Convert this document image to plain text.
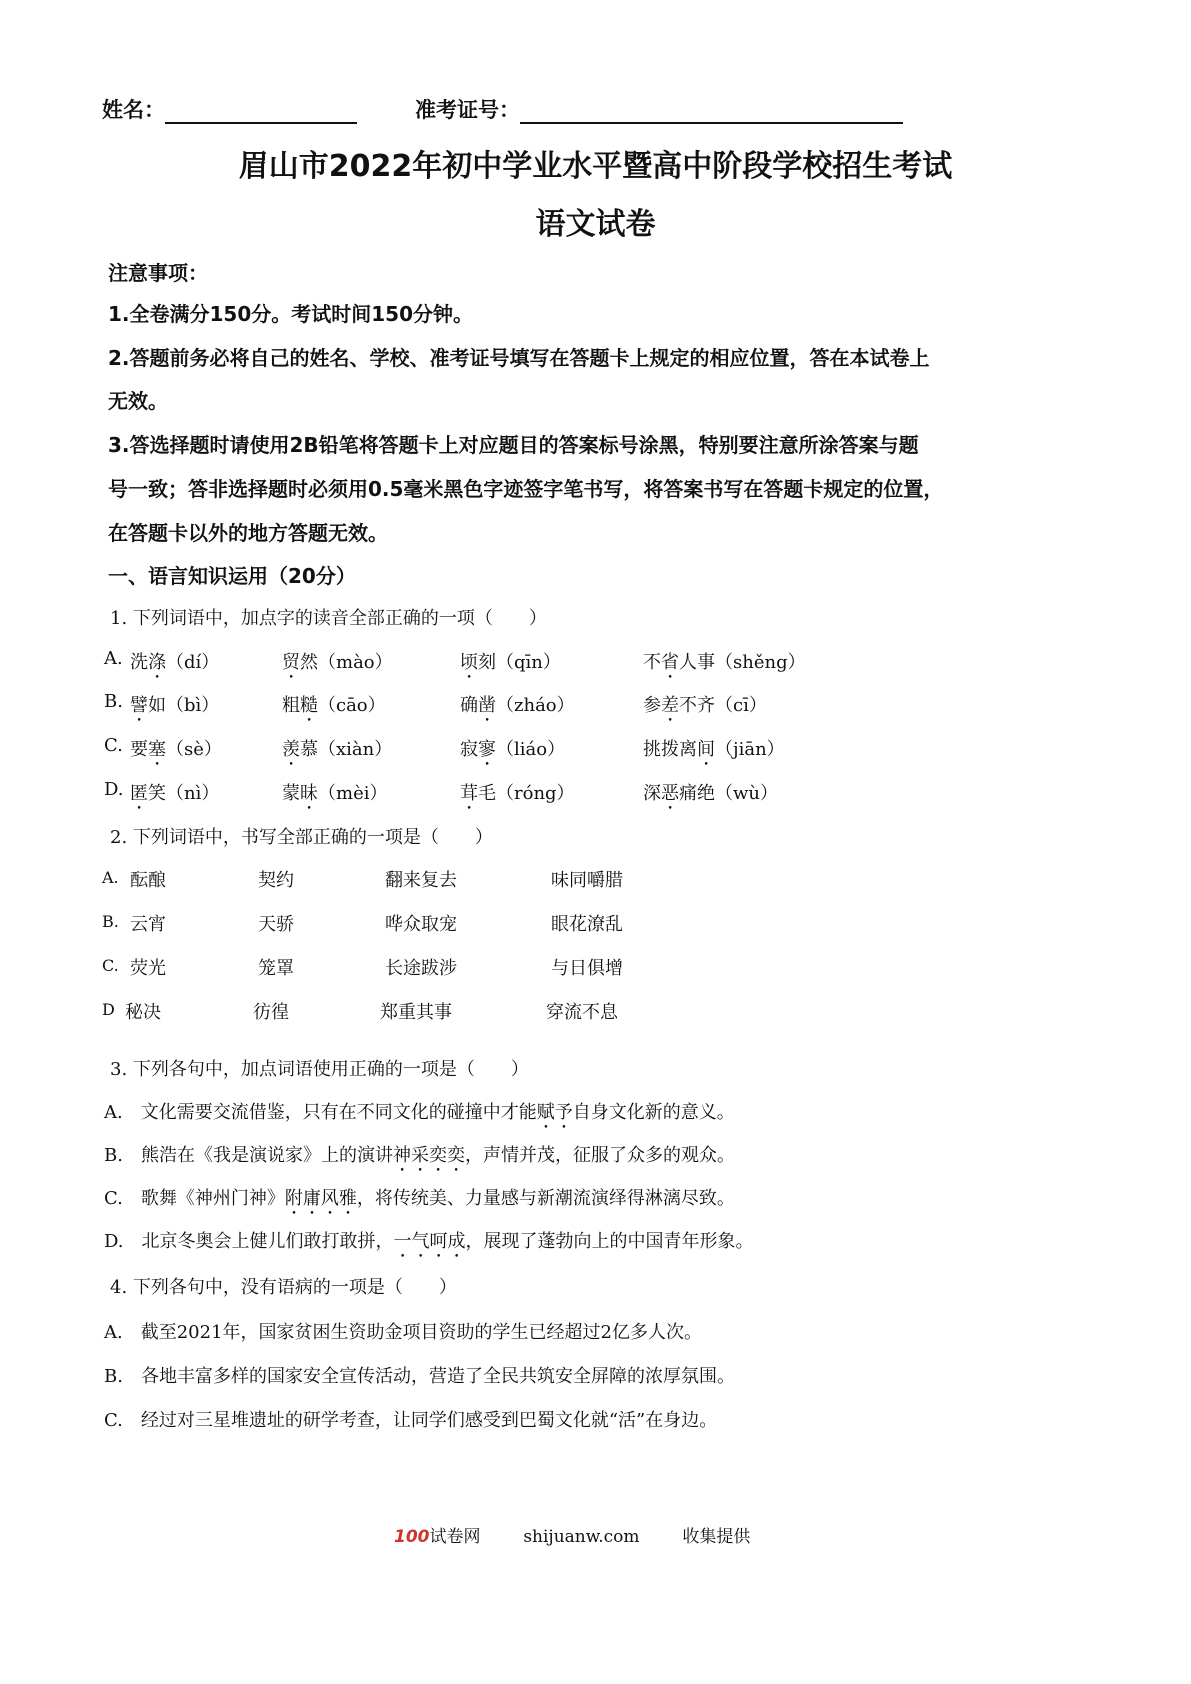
姓名：	准考证号：
眉山市2022年初中学业水平暨高中阶段学校招生考试
语文试卷
注意事项：
1.全卷满分150分。考试时间150分钟。
2.答题前务必将自己的姓名、学校、准考证号填写在答题卡上规定的相应位置，答在本试卷上
无效。
3.答选择题时请使用2B铅笔将答题卡上对应题目的答案标号涂黑，特别要注意所涂答案与题
号一致；答非选择题时必须用0.5毫米黑色字迹签字笔书写，将答案书写在答题卡规定的位置，
在答题卡以外的地方答题无效。
一、语言知识运用（20分）
1. 下列词语中，加点字的读音全部正确的一项（　　）
A. 洗涤（dí）	贸然（mào）	顷刻（qīn）	不省人事（shěng）
B. 譬如（bì）	粗糙（cāo）	确凿（zháo）	参差不齐（cī）
C. 要塞（sè）	羡慕（xiàn）	寂寥（liáo）	挑拨离间（jiān）
D. 匿笑（nì）	蒙昧（mèi）	茸毛（róng）	深恶痛绝（wù）
2. 下列词语中，书写全部正确的一项是（　　）
A. 酝酿	契约	翻来复去	味同嚼腊
B. 云宵	天骄	哗众取宠	眼花潦乱
C. 荧光	笼罩	长途跋涉	与日俱增
D 秘决	彷徨	郑重其事	穿流不息
3. 下列各句中，加点词语使用正确的一项是（　　）
A.　文化需要交流借鉴，只有在不同文化的碰撞中才能赋予自身文化新的意义。
B.　熊浩在《我是演说家》上的演讲神采奕奕，声情并茂，征服了众多的观众。
C.　歌舞《神州门神》附庸风雅，将传统美、力量感与新潮流演绎得淋漓尽致。
D.　北京冬奥会上健儿们敢打敢拼，一气呵成，展现了蓬勃向上的中国青年形象。
4. 下列各句中，没有语病的一项是（　　）
A.　截至2021年，国家贫困生资助金项目资助的学生已经超过2亿多人次。
B.　各地丰富多样的国家安全宣传活动，营造了全民共筑安全屏障的浓厚氛围。
C.　经过对三星堆遗址的研学考查，让同学们感受到巴蜀文化就“活”在身边。
100试卷网	shijuanw.com	收集提供
